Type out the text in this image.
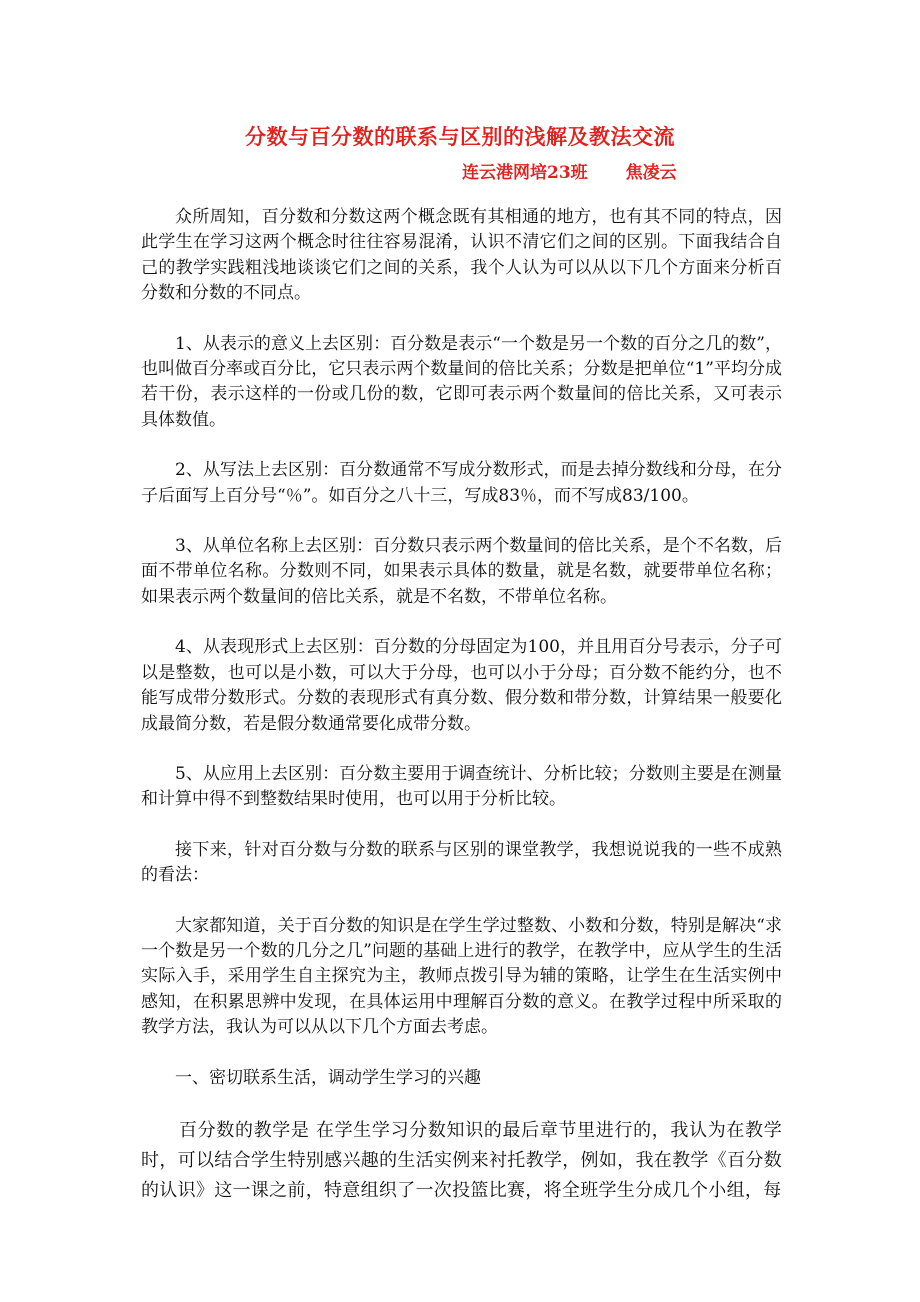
分数与百分数的联系与区别的浅解及教法交流
连云港网培23班 焦凌云

众所周知，百分数和分数这两个概念既有其相通的地方，也有其不同的特点，因此学生在学习这两个概念时往往容易混淆，认识不清它们之间的区别。下面我结合自己的教学实践粗浅地谈谈它们之间的关系，我个人认为可以从以下几个方面来分析百分数和分数的不同点。

1、从表示的意义上去区别：百分数是表示“一个数是另一个数的百分之几的数”，也叫做百分率或百分比，它只表示两个数量间的倍比关系；分数是把单位“1”平均分成若干份，表示这样的一份或几份的数，它即可表示两个数量间的倍比关系，又可表示具体数值。

2、从写法上去区别：百分数通常不写成分数形式，而是去掉分数线和分母，在分子后面写上百分号“％”。如百分之八十三，写成83％，而不写成83/100。

3、从单位名称上去区别：百分数只表示两个数量间的倍比关系，是个不名数，后面不带单位名称。分数则不同，如果表示具体的数量，就是名数，就要带单位名称；如果表示两个数量间的倍比关系，就是不名数，不带单位名称。

4、从表现形式上去区别：百分数的分母固定为100，并且用百分号表示，分子可以是整数，也可以是小数，可以大于分母，也可以小于分母；百分数不能约分，也不能写成带分数形式。分数的表现形式有真分数、假分数和带分数，计算结果一般要化成最简分数，若是假分数通常要化成带分数。

5、从应用上去区别：百分数主要用于调查统计、分析比较；分数则主要是在测量和计算中得不到整数结果时使用，也可以用于分析比较。

接下来，针对百分数与分数的联系与区别的课堂教学，我想说说我的一些不成熟的看法：

大家都知道，关于百分数的知识是在学生学过整数、小数和分数，特别是解决“求一个数是另一个数的几分之几”问题的基础上进行的教学，在教学中，应从学生的生活实际入手，采用学生自主探究为主，教师点拨引导为辅的策略，让学生在生活实例中感知，在积累思辨中发现，在具体运用中理解百分数的意义。在教学过程中所采取的教学方法，我认为可以从以下几个方面去考虑。

一、密切联系生活，调动学生学习的兴趣

百分数的教学是 在学生学习分数知识的最后章节里进行的，我认为在教学时，可以结合学生特别感兴趣的生活实例来衬托教学，例如，我在教学《百分数的认识》这一课之前，特意组织了一次投篮比赛，将全班学生分成几个小组，每
